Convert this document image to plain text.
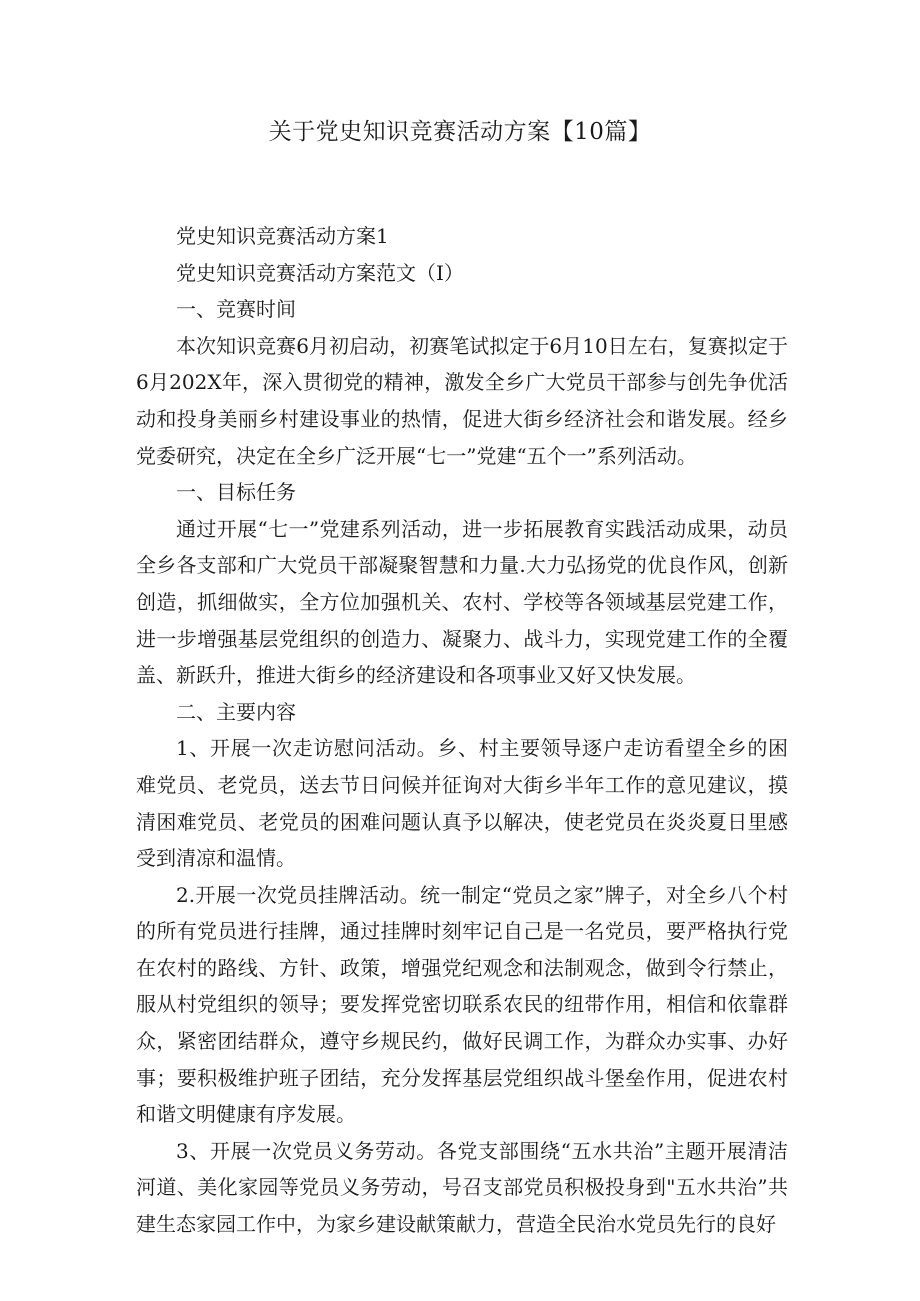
关于党史知识竞赛活动方案【10篇】

党史知识竞赛活动方案1

党史知识竞赛活动方案范文（I）

一、竞赛时间

本次知识竞赛6月初启动，初赛笔试拟定于6月10日左右，复赛拟定于6月202X年，深入贯彻党的精神，激发全乡广大党员干部参与创先争优活动和投身美丽乡村建设事业的热情，促进大街乡经济社会和谐发展。经乡党委研究，决定在全乡广泛开展“七一”党建“五个一”系列活动。

一、目标任务

通过开展“七一”党建系列活动，进一步拓展教育实践活动成果，动员全乡各支部和广大党员干部凝聚智慧和力量.大力弘扬党的优良作风，创新创造，抓细做实，全方位加强机关、农村、学校等各领域基层党建工作，进一步增强基层党组织的创造力、凝聚力、战斗力，实现党建工作的全覆盖、新跃升，推进大街乡的经济建设和各项事业又好又快发展。

二、主要内容

1、开展一次走访慰问活动。乡、村主要领导逐户走访看望全乡的困难党员、老党员，送去节日问候并征询对大街乡半年工作的意见建议，摸清困难党员、老党员的困难问题认真予以解决，使老党员在炎炎夏日里感受到清凉和温情。

2.开展一次党员挂牌活动。统一制定“党员之家”牌子，对全乡八个村的所有党员进行挂牌，通过挂牌时刻牢记自己是一名党员，要严格执行党在农村的路线、方针、政策，增强党纪观念和法制观念，做到令行禁止，服从村党组织的领导；要发挥党密切联系农民的纽带作用，相信和依靠群众，紧密团结群众，遵守乡规民约，做好民调工作，为群众办实事、办好事；要积极维护班子团结，充分发挥基层党组织战斗堡垒作用，促进农村和谐文明健康有序发展。

3、开展一次党员义务劳动。各党支部围绕“五水共治”主题开展清洁河道、美化家园等党员义务劳动，号召支部党员积极投身到"五水共治”共建生态家园工作中，为家乡建设献策献力，营造全民治水党员先行的良好
